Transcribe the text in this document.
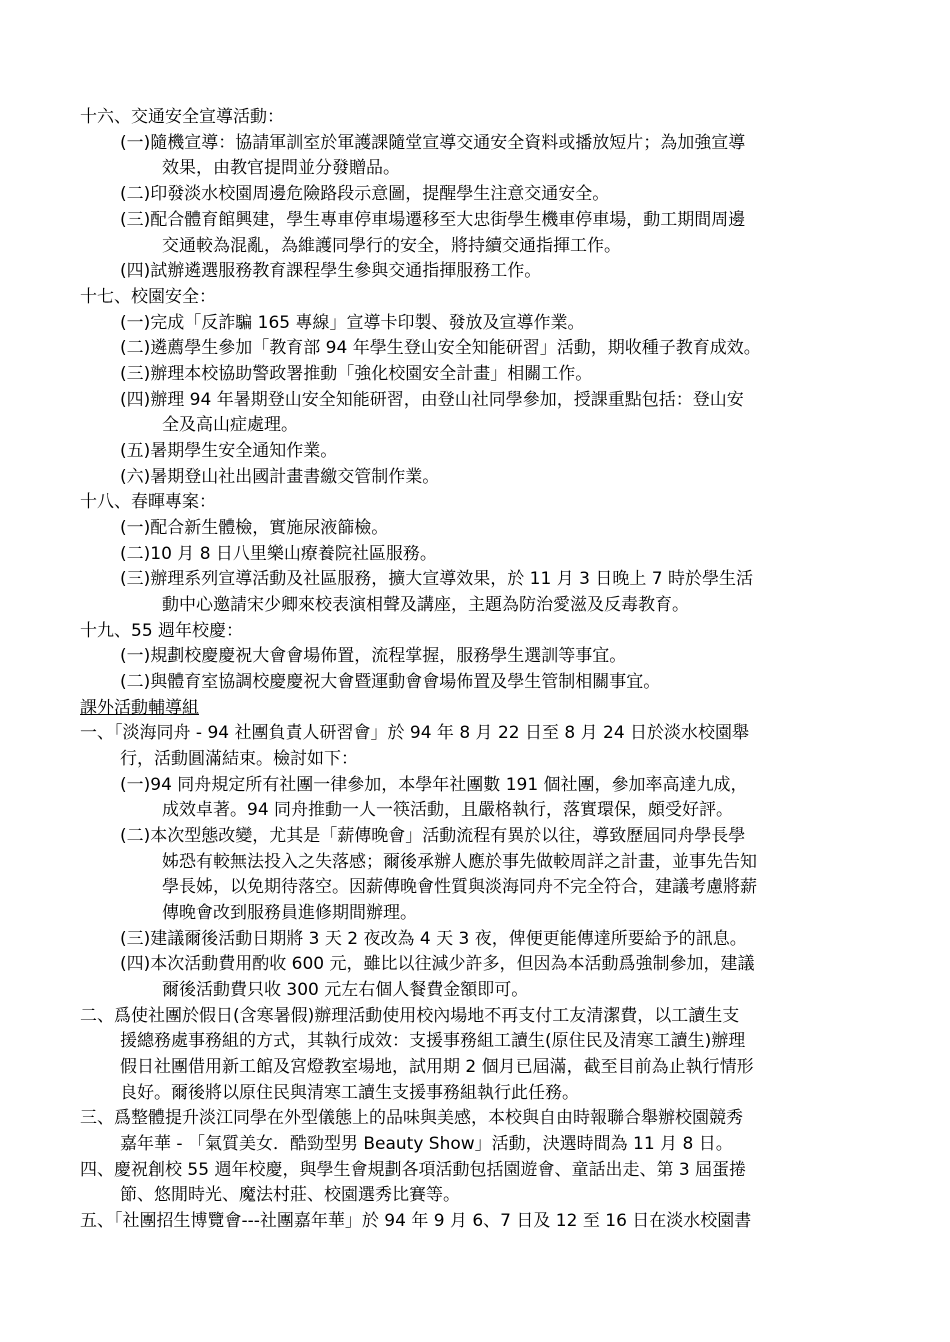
十六、交通安全宣導活動：
(一)隨機宣導：協請軍訓室於軍護課隨堂宣導交通安全資料或播放短片；為加強宣導
效果，由教官提問並分發贈品。
(二)印發淡水校園周邊危險路段示意圖，提醒學生注意交通安全。
(三)配合體育館興建，學生專車停車場遷移至大忠街學生機車停車場，動工期間周邊
交通較為混亂，為維護同學行的安全，將持續交通指揮工作。
(四)試辦遴選服務教育課程學生參與交通指揮服務工作。
十七、校園安全：
(一)完成「反詐騙 165 專線」宣導卡印製、發放及宣導作業。
(二)遴薦學生參加「教育部 94 年學生登山安全知能研習」活動，期收種子教育成效。
(三)辦理本校協助警政署推動「強化校園安全計畫」相關工作。
(四)辦理 94 年暑期登山安全知能研習，由登山社同學參加，授課重點包括：登山安
全及高山症處理。
(五)暑期學生安全通知作業。
(六)暑期登山社出國計畫書繳交管制作業。
十八、春暉專案：
(一)配合新生體檢，實施尿液篩檢。
(二)10 月 8 日八里樂山療養院社區服務。
(三)辦理系列宣導活動及社區服務，擴大宣導效果，於 11 月 3 日晚上 7 時於學生活
動中心邀請宋少卿來校表演相聲及講座，主題為防治愛滋及反毒教育。
十九、55 週年校慶：
(一)規劃校慶慶祝大會會場佈置，流程掌握，服務學生選訓等事宜。
(二)與體育室協調校慶慶祝大會暨運動會會場佈置及學生管制相關事宜。
課外活動輔導組
一、「淡海同舟 - 94 社團負責人研習會」於 94 年 8 月 22 日至 8 月 24 日於淡水校園舉
行，活動圓滿結束。檢討如下：
(一)94 同舟規定所有社團一律參加，本學年社團數 191 個社團，參加率高達九成，
成效卓著。94 同舟推動一人一筷活動，且嚴格執行，落實環保，頗受好評。
(二)本次型態改變，尤其是「薪傳晚會」活動流程有異於以往，導致歷屆同舟學長學
姊恐有較無法投入之失落感；爾後承辦人應於事先做較周詳之計畫，並事先告知
學長姊，以免期待落空。因薪傳晚會性質與淡海同舟不完全符合，建議考慮將薪
傳晚會改到服務員進修期間辦理。
(三)建議爾後活動日期將 3 天 2 夜改為 4 天 3 夜，俾便更能傳達所要給予的訊息。
(四)本次活動費用酌收 600 元，雖比以往減少許多，但因為本活動爲強制參加，建議
爾後活動費只收 300 元左右個人餐費金額即可。
二、爲使社團於假日(含寒暑假)辦理活動使用校內場地不再支付工友清潔費，以工讀生支
援總務處事務組的方式，其執行成效：支援事務組工讀生(原住民及清寒工讀生)辦理
假日社團借用新工館及宮燈教室場地，試用期 2 個月已屆滿，截至目前為止執行情形
良好。爾後將以原住民與清寒工讀生支援事務組執行此任務。
三、爲整體提升淡江同學在外型儀態上的品味與美感，本校與自由時報聯合舉辦校園競秀
嘉年華 - 「氣質美女．酷勁型男 Beauty Show」活動，決選時間為 11 月 8 日。
四、慶祝創校 55 週年校慶，與學生會規劃各項活動包括園遊會、童話出走、第 3 屆蛋捲
節、悠閒時光、魔法村莊、校園選秀比賽等。
五、「社團招生博覽會---社團嘉年華」於 94 年 9 月 6、7 日及 12 至 16 日在淡水校園書
